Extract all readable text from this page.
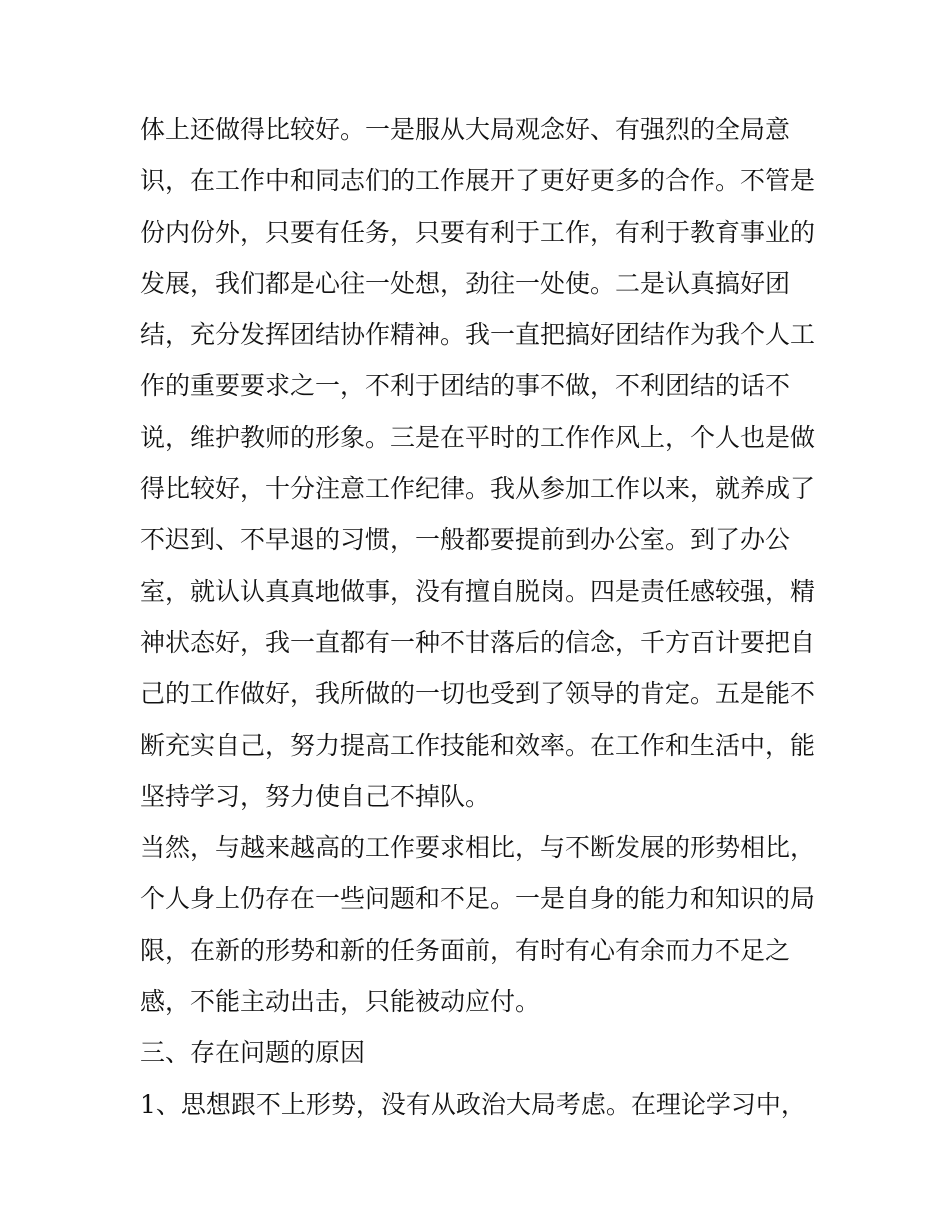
体上还做得比较好。一是服从大局观念好、有强烈的全局意
识，在工作中和同志们的工作展开了更好更多的合作。不管是
份内份外，只要有任务，只要有利于工作，有利于教育事业的
发展，我们都是心往一处想，劲往一处使。二是认真搞好团
结，充分发挥团结协作精神。我一直把搞好团结作为我个人工
作的重要要求之一，不利于团结的事不做，不利团结的话不
说，维护教师的形象。三是在平时的工作作风上，个人也是做
得比较好，十分注意工作纪律。我从参加工作以来，就养成了
不迟到、不早退的习惯，一般都要提前到办公室。到了办公
室，就认认真真地做事，没有擅自脱岗。四是责任感较强，精
神状态好，我一直都有一种不甘落后的信念，千方百计要把自
己的工作做好，我所做的一切也受到了领导的肯定。五是能不
断充实自己，努力提高工作技能和效率。在工作和生活中，能
坚持学习，努力使自己不掉队。
当然，与越来越高的工作要求相比，与不断发展的形势相比，
个人身上仍存在一些问题和不足。一是自身的能力和知识的局
限，在新的形势和新的任务面前，有时有心有余而力不足之
感，不能主动出击，只能被动应付。
三、存在问题的原因
1、思想跟不上形势，没有从政治大局考虑。在理论学习中，
